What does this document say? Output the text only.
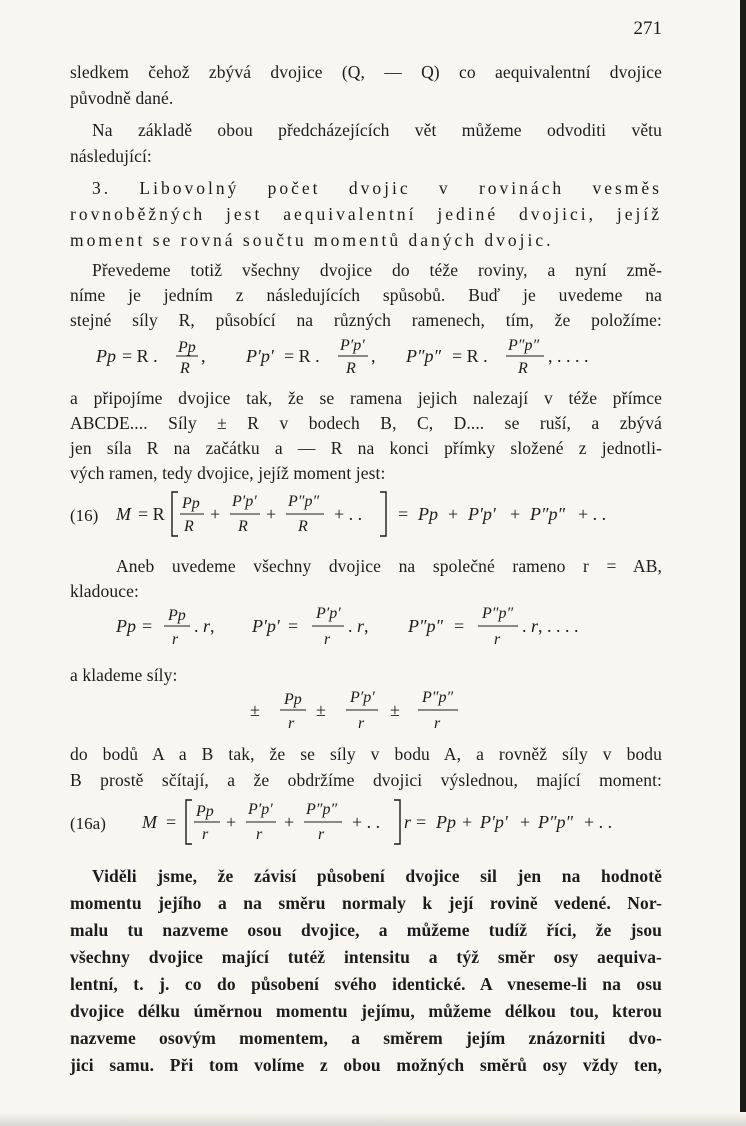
271
sledkem čehož zbývá dvojice (Q, — Q) co aequivalentní dvojice
původně dané.
Na základě obou předcházejících vět můžeme odvoditi větu
následující:
3. Libovolný počet dvojic v rovinách vesměs
rovnoběžných jest aequivalentní jediné dvojici, jejíž
moment se rovná součtu momentů daných dvojic.
Převedeme totiž všechny dvojice do téže roviny, a nyní změ-
níme je jedním z následujících spůsobů. Buď je uvedeme na
stejné síly R, působící na různých ramenech, tím, že položíme:
Pp = R . Pp
R
, P′p′ = R .
P′p′
R
, P″p″ = R .
P″p″
R
, . . . .
a připojíme dvojice tak, že se ramena jejich nalezají v téže přímce
ABCDE.... Síly ± R v bodech B, C, D.... se ruší, a zbývá
jen síla R na začátku a — R na konci přímky složené z jednotli-
vých ramen, tedy dvojice, jejíž moment jest:
(16) M = R
Pp
R
+
P′p′
R
+
P″p″
R
+ . . = Pp + P′p′ + P″p″ + . .
Aneb uvedeme všechny dvojice na společné rameno r = AB,
kladouce:
Pp =
Pp
r
. r, P′p′ =
P′p′
r
. r, P″p″ =
P″p″
r
. r, . . . .
a klademe síly:
±
Pp
r
±
P′p′
r
±
P″p″
r
do bodů A a B tak, že se síly v bodu A, a rovněž síly v bodu
B prostě sčítají, a že obdržíme dvojici výslednou, mající moment:
(16a) M =
Pp
r
+
P′p′
r
+
P″p″
r
+ . . r = Pp + P′p′ + P″p″ + . .
Viděli jsme, že závisí působení dvojice sil jen na hodnotě
momentu jejího a na směru normaly k její rovině vedené. Nor-
malu tu nazveme osou dvojice, a můžeme tudíž říci, že jsou
všechny dvojice mající tutéž intensitu a týž směr osy aequiva-
lentní, t. j. co do působení svého identické. A vneseme-li na osu
dvojice délku úměrnou momentu jejímu, můžeme délkou tou, kterou
nazveme osovým momentem, a směrem jejím znázorniti dvo-
jici samu. Při tom volíme z obou možných směrů osy vždy ten,
